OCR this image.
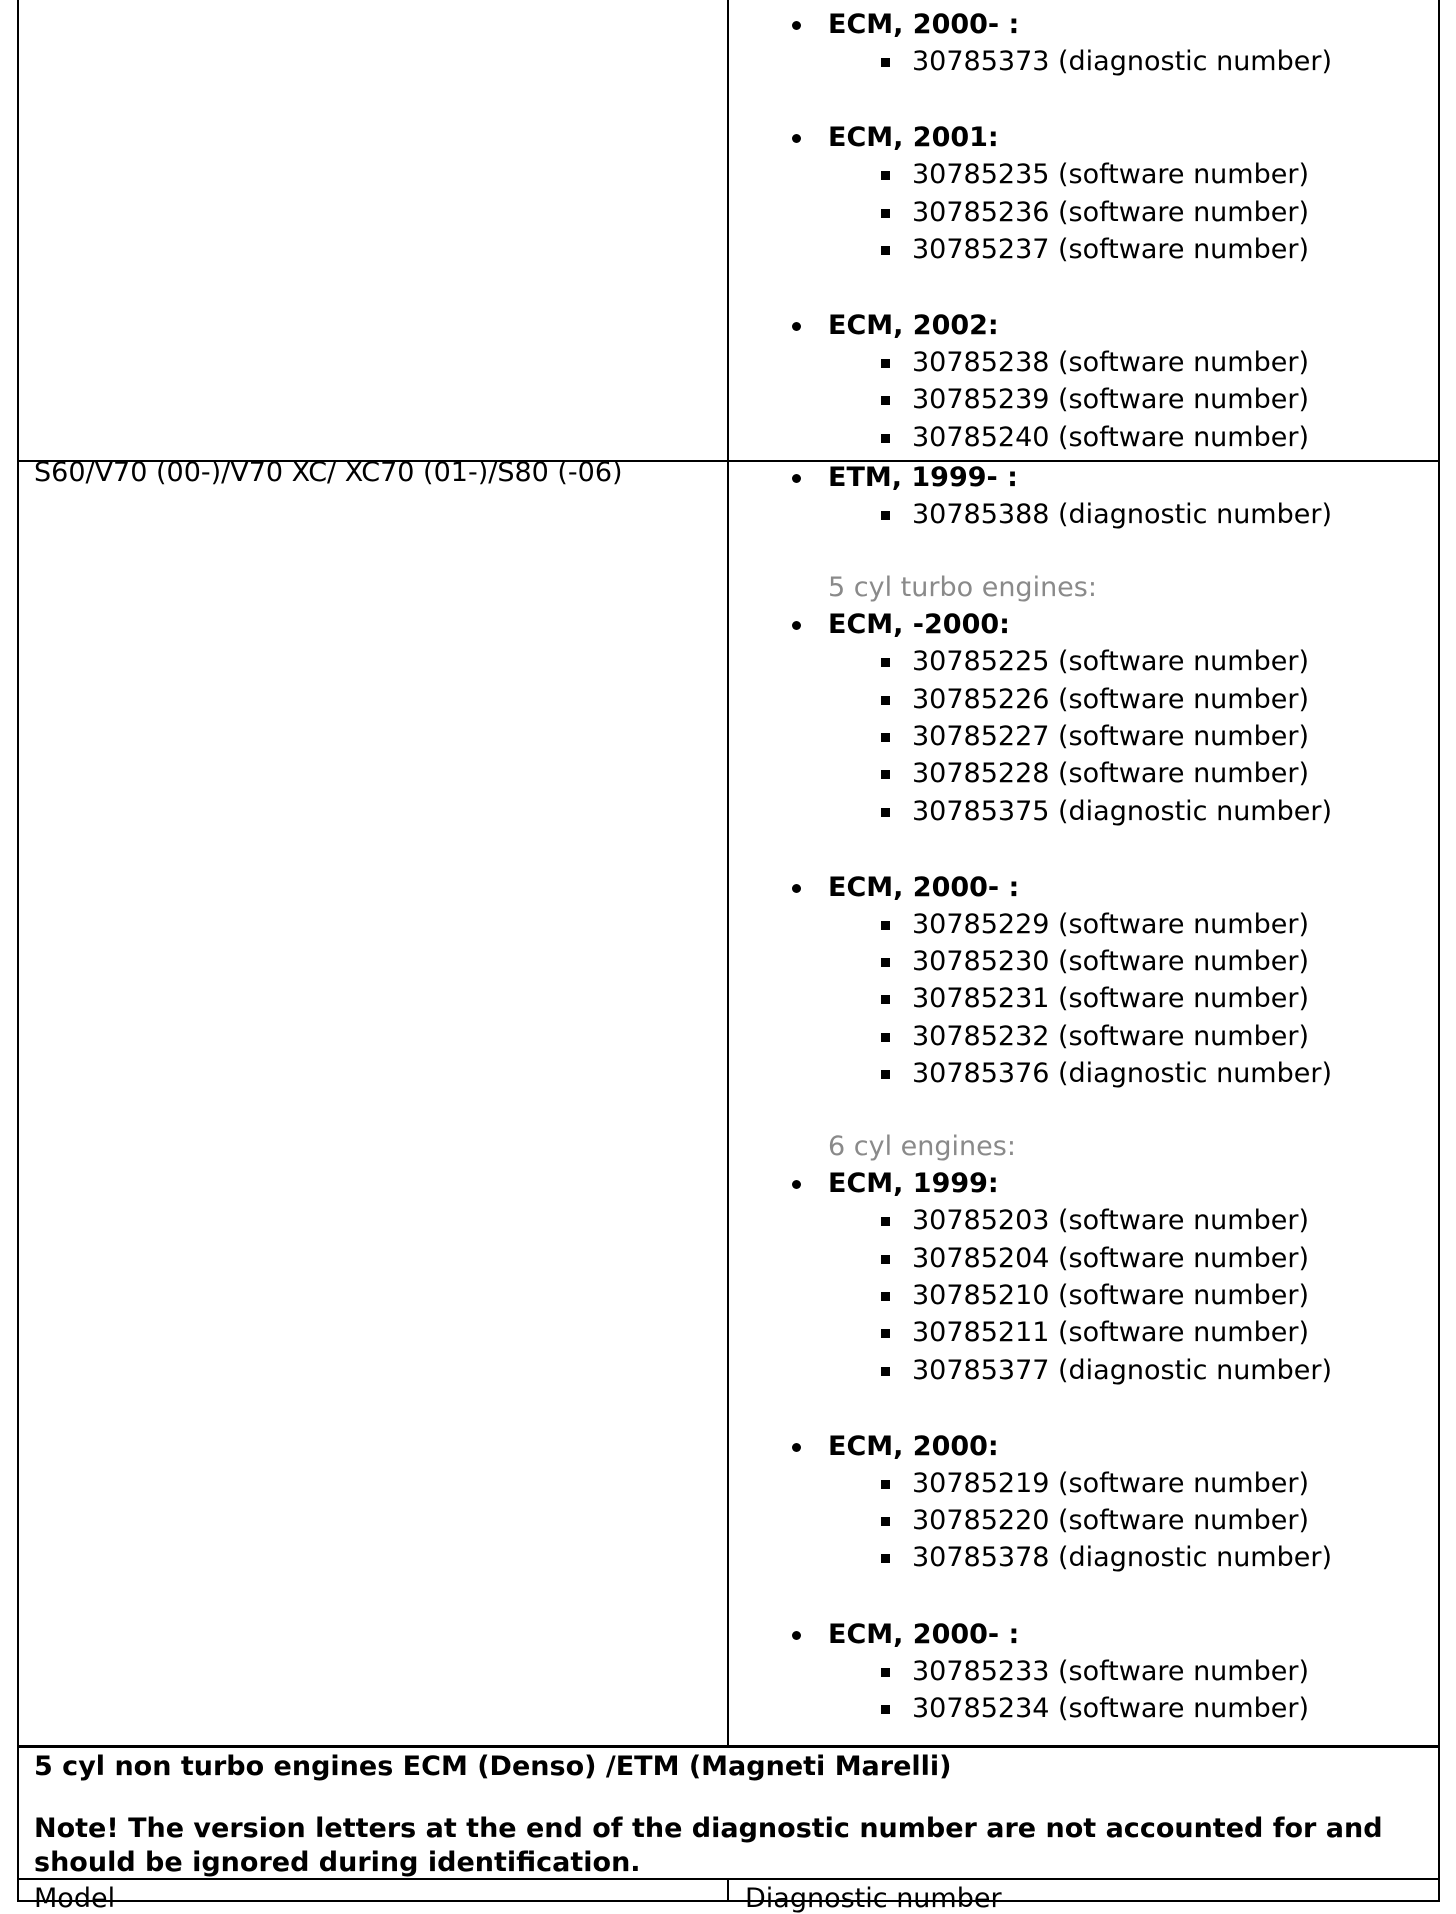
S60/V70 (00-)/V70 XC/ XC70 (01-)/S80 (-06)
ECM, 2000- :
30785373 (diagnostic number)
ECM, 2001:
30785235 (software number)
30785236 (software number)
30785237 (software number)
ECM, 2002:
30785238 (software number)
30785239 (software number)
30785240 (software number)
ETM, 1999- :
30785388 (diagnostic number)
5 cyl turbo engines:
ECM, -2000:
30785225 (software number)
30785226 (software number)
30785227 (software number)
30785228 (software number)
30785375 (diagnostic number)
ECM, 2000- :
30785229 (software number)
30785230 (software number)
30785231 (software number)
30785232 (software number)
30785376 (diagnostic number)
6 cyl engines:
ECM, 1999:
30785203 (software number)
30785204 (software number)
30785210 (software number)
30785211 (software number)
30785377 (diagnostic number)
ECM, 2000:
30785219 (software number)
30785220 (software number)
30785378 (diagnostic number)
ECM, 2000- :
30785233 (software number)
30785234 (software number)
5 cyl non turbo engines ECM (Denso) /ETM (Magneti Marelli)
Note! The version letters at the end of the diagnostic number are not accounted for and should be ignored during identification.
Model	Diagnostic number
